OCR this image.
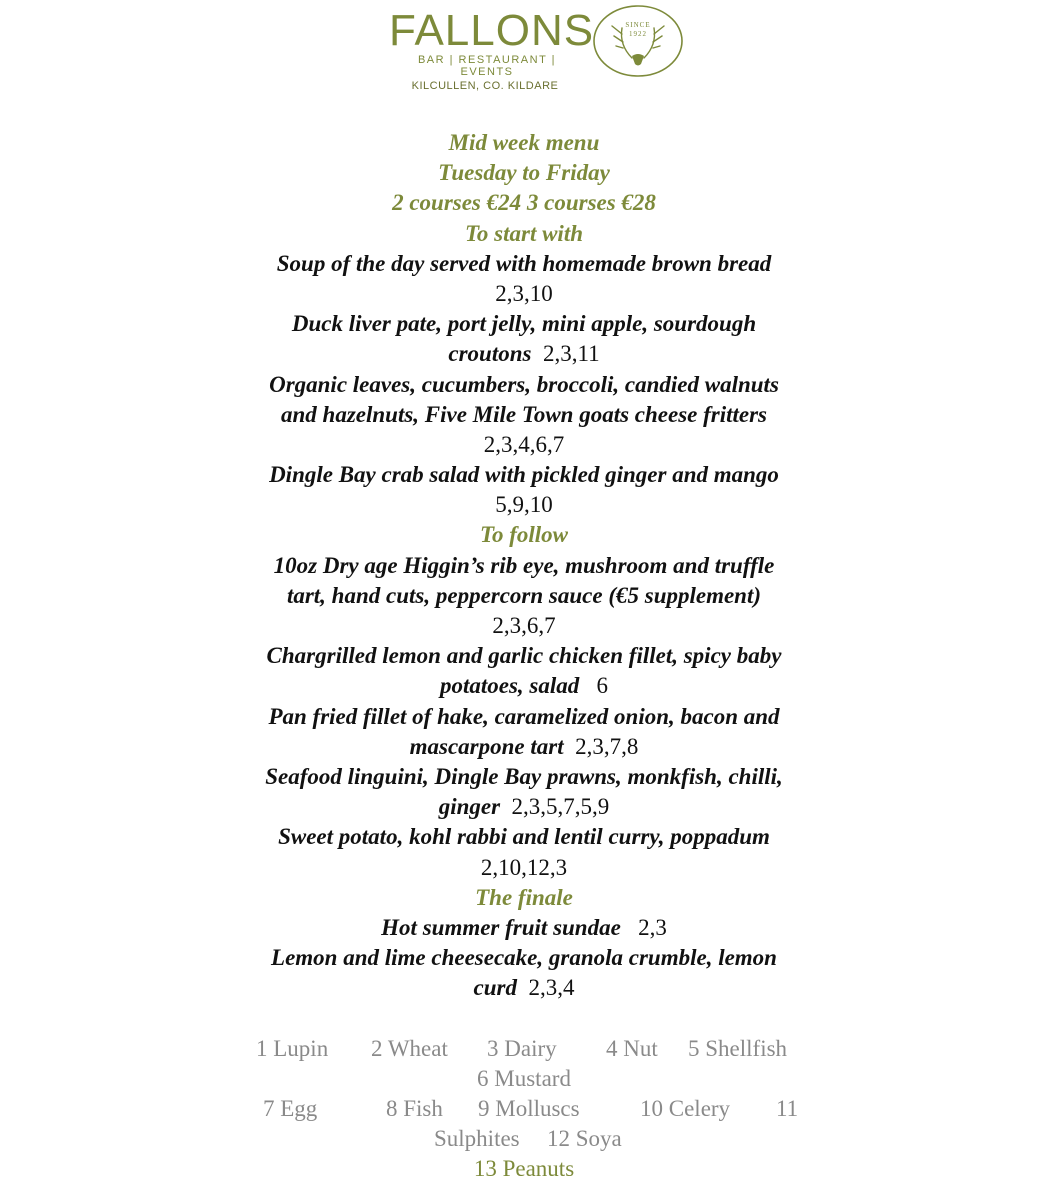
FALLONS
BAR | RESTAURANT | EVENTS
KILCULLEN, CO. KILDARE
SINCE
1922
Mid week menu
Tuesday to Friday
2 courses €24 3 courses €28
To start with
Soup of the day served with homemade brown bread
2,3,10
Duck liver pate, port jelly, mini apple, sourdough
croutons 2,3,11
Organic leaves, cucumbers, broccoli, candied walnuts
and hazelnuts, Five Mile Town goats cheese fritters
2,3,4,6,7
Dingle Bay crab salad with pickled ginger and mango
5,9,10
To follow
10oz Dry age Higgin’s rib eye, mushroom and truffle
tart, hand cuts, peppercorn sauce (€5 supplement)
2,3,6,7
Chargrilled lemon and garlic chicken fillet, spicy baby
potatoes, salad 6
Pan fried fillet of hake, caramelized onion, bacon and
mascarpone tart 2,3,7,8
Seafood linguini, Dingle Bay prawns, monkfish, chilli,
ginger 2,3,5,7,5,9
Sweet potato, kohl rabbi and lentil curry, poppadum
2,10,12,3
The finale
Hot summer fruit sundae 2,3
Lemon and lime cheesecake, granola crumble, lemon
curd 2,3,4
1 Lupin 2 Wheat 3 Dairy 4 Nut 5 Shellfish
6 Mustard
7 Egg	8 Fish 9 Molluscs	10 Celery 11
Sulphites 12 Soya
13 Peanuts
